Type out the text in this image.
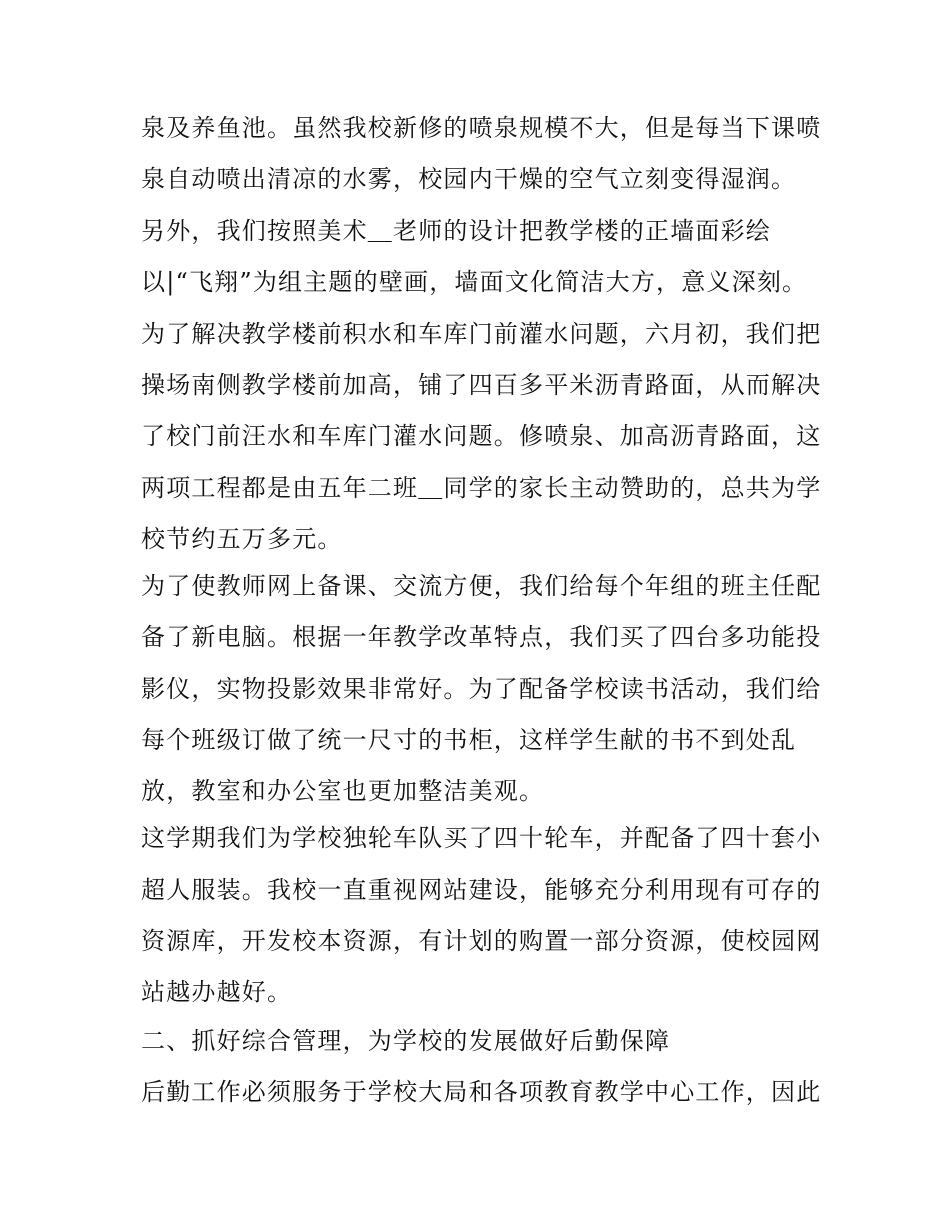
泉及养鱼池。虽然我校新修的喷泉规模不大，但是每当下课喷
泉自动喷出清凉的水雾，校园内干燥的空气立刻变得湿润。
另外，我们按照美术＿老师的设计把教学楼的正墙面彩绘
以|“飞翔”为组主题的壁画，墙面文化简洁大方，意义深刻。
为了解决教学楼前积水和车库门前灌水问题，六月初，我们把
操场南侧教学楼前加高，铺了四百多平米沥青路面，从而解决
了校门前汪水和车库门灌水问题。修喷泉、加高沥青路面，这
两项工程都是由五年二班＿同学的家长主动赞助的，总共为学
校节约五万多元。
为了使教师网上备课、交流方便，我们给每个年组的班主任配
备了新电脑。根据一年教学改革特点，我们买了四台多功能投
影仪，实物投影效果非常好。为了配备学校读书活动，我们给
每个班级订做了统一尺寸的书柜，这样学生献的书不到处乱
放，教室和办公室也更加整洁美观。
这学期我们为学校独轮车队买了四十轮车，并配备了四十套小
超人服装。我校一直重视网站建设，能够充分利用现有可存的
资源库，开发校本资源，有计划的购置一部分资源，使校园网
站越办越好。
二、抓好综合管理，为学校的发展做好后勤保障
后勤工作必须服务于学校大局和各项教育教学中心工作，因此
